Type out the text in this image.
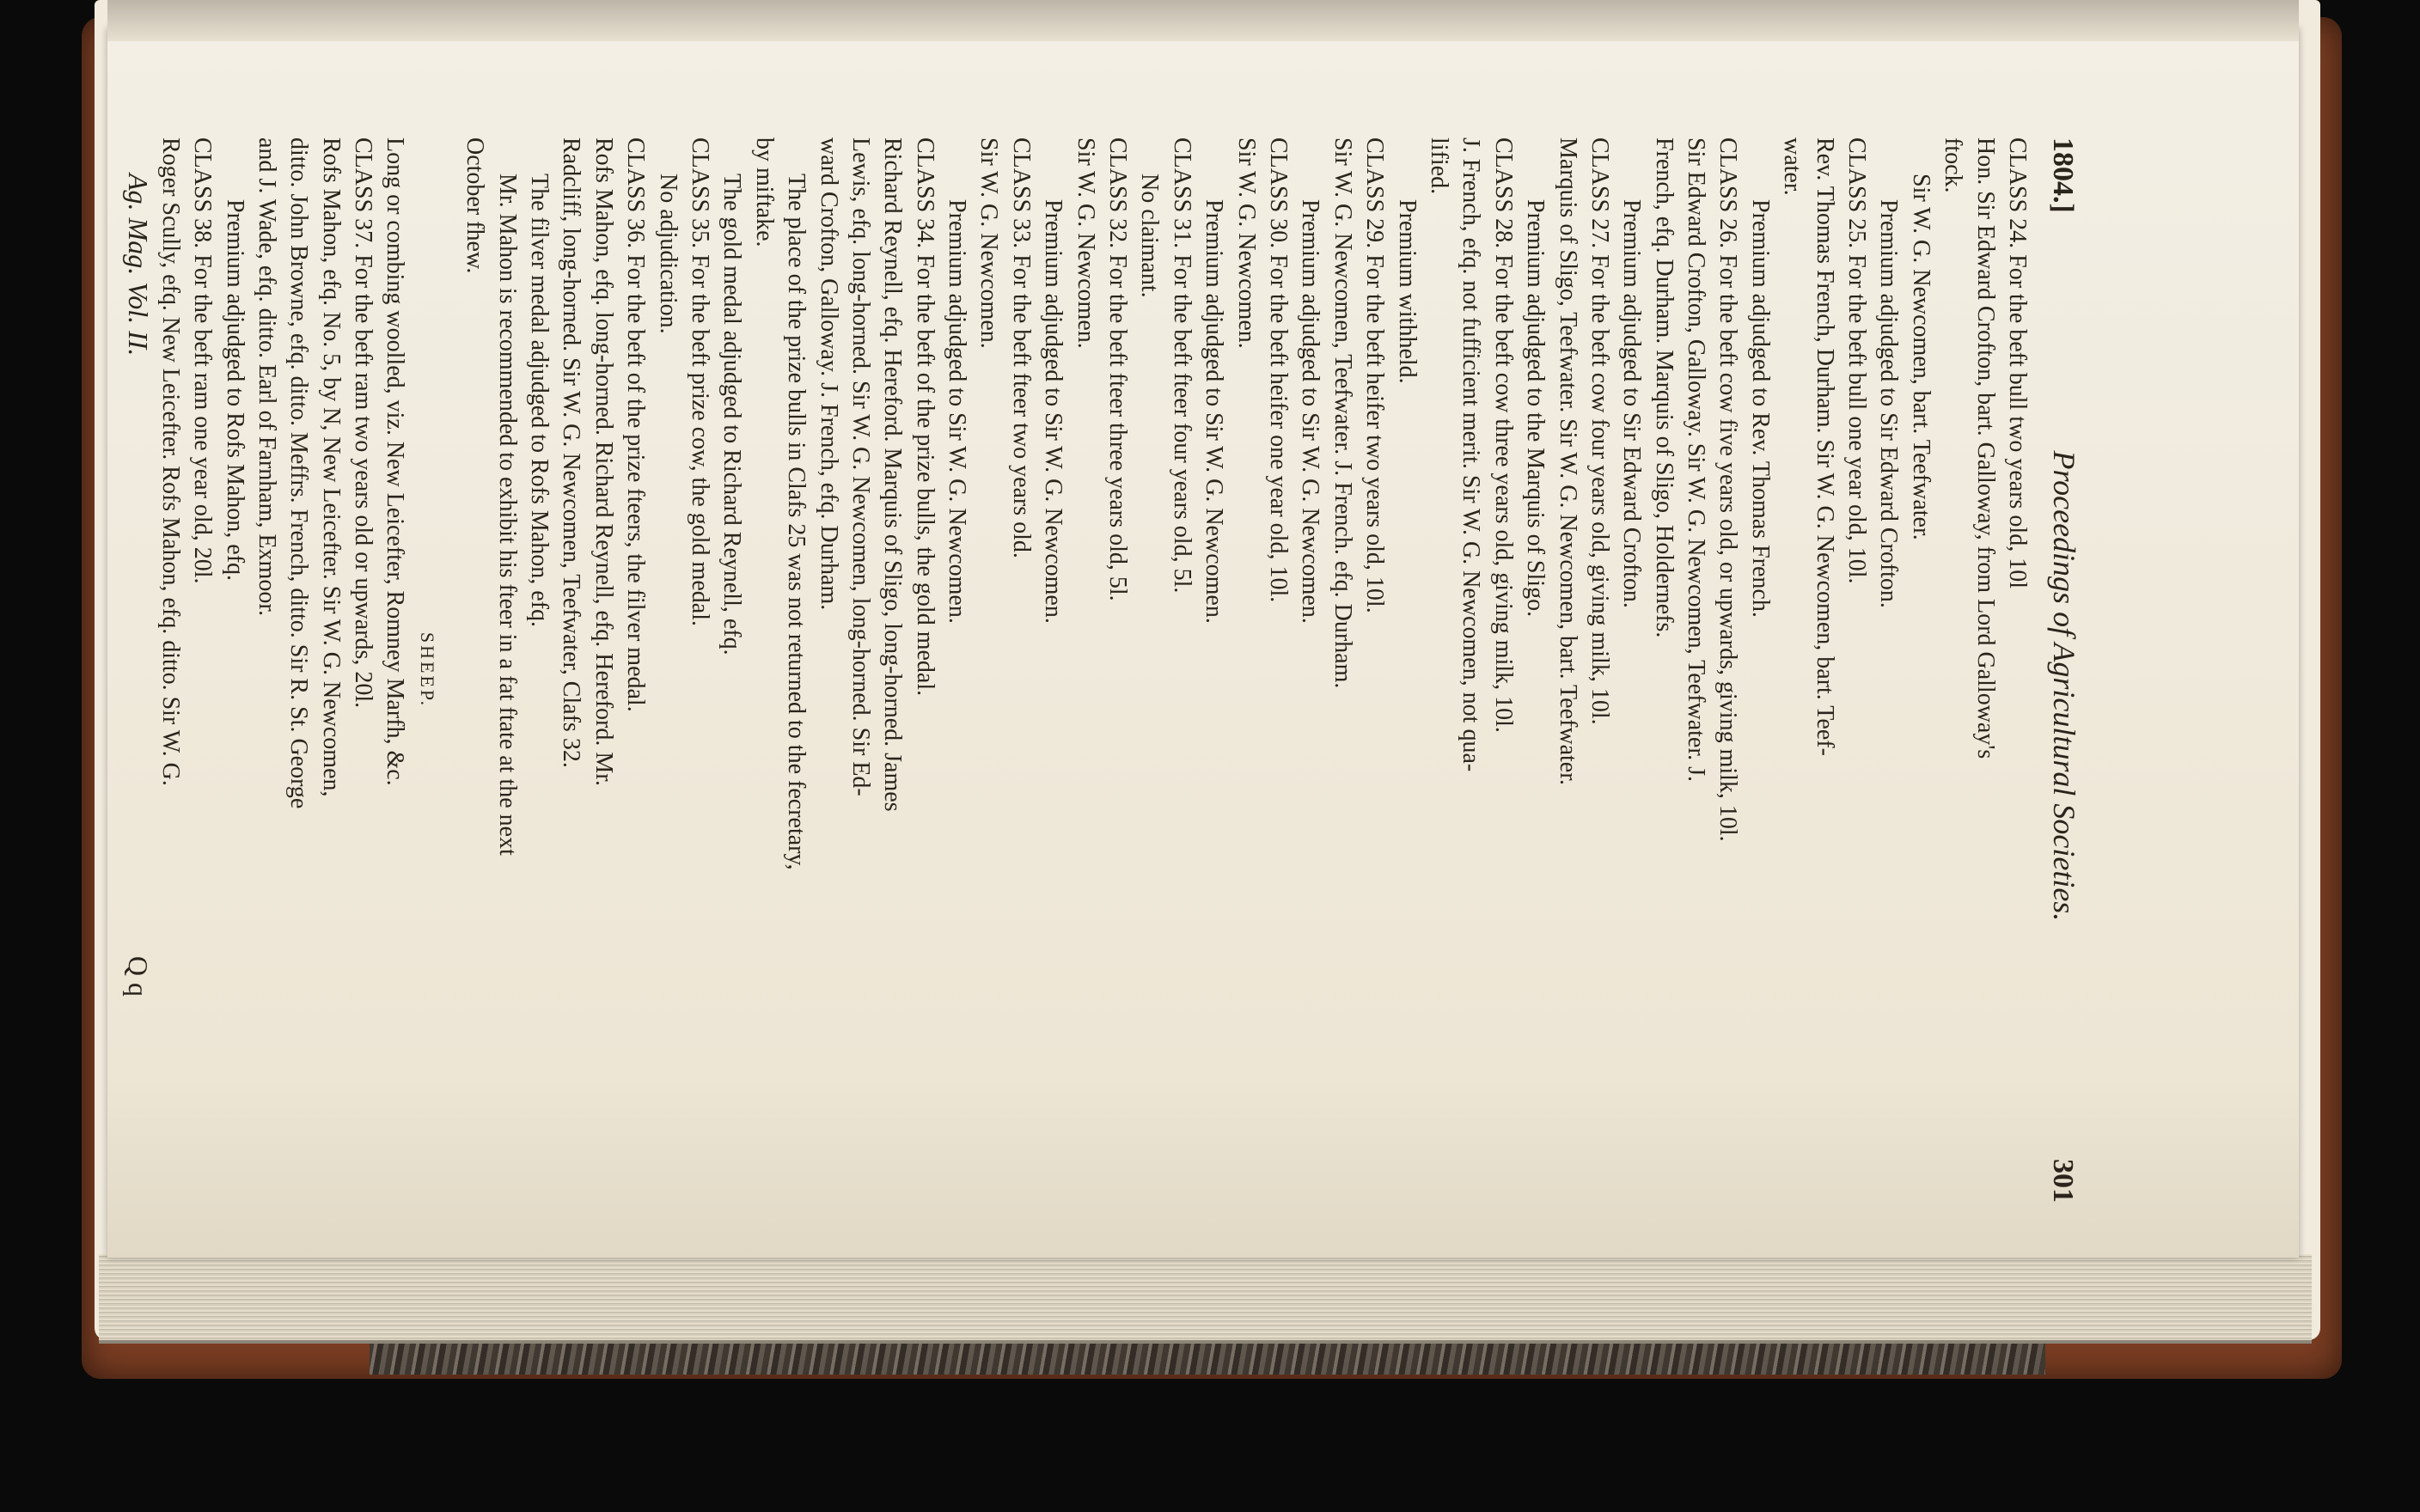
1804.]
Proceedings of Agricultural Societies.
301
CLASS 24. For the beft bull two years old, 10l
Hon. Sir Edward Crofton, bart. Galloway, from Lord Galloway's
ftock.
Sir W. G. Newcomen, bart. Teefwater.
Premium adjudged to Sir Edward Crofton.
CLASS 25. For the beft bull one year old, 10l.
Rev. Thomas French, Durham. Sir W. G. Newcomen, bart. Teef-
water.
Premium adjudged to Rev. Thomas French.
CLASS 26. For the beft cow five years old, or upwards, giving milk, 10l.
Sir Edward Crofton, Galloway. Sir W. G. Newcomen, Teefwater. J.
French, efq. Durham. Marquis of Sligo, Holdernefs.
Premium adjudged to Sir Edward Crofton.
CLASS 27. For the beft cow four years old, giving milk, 10l.
Marquis of Sligo, Teefwater. Sir W. G. Newcomen, bart. Teefwater.
Premium adjudged to the Marquis of Sligo.
CLASS 28. For the beft cow three years old, giving milk, 10l.
J. French, efq. not fufficient merit. Sir W. G. Newcomen, not qua-
lified.
Premium withheld.
CLASS 29. For the beft heifer two years old, 10l.
Sir W. G. Newcomen, Teefwater. J. French. efq. Durham.
Premium adjudged to Sir W. G. Newcomen.
CLASS 30. For the beft heifer one year old, 10l.
Sir W. G. Newcomen.
Premium adjudged to Sir W. G. Newcomen.
CLASS 31. For the beft fteer four years old, 5l.
No claimant.
CLASS 32. For the beft fteer three years old, 5l.
Sir W. G. Newcomen.
Premium adjudged to Sir W. G. Newcomen.
CLASS 33. For the beft fteer two years old.
Sir W. G. Newcomen.
Premium adjudged to Sir W. G. Newcomen.
CLASS 34. For the beft of the prize bulls, the gold medal.
Richard Reynell, efq. Hereford. Marquis of Sligo, long-horned. James
Lewis, efq. long-horned. Sir W. G. Newcomen, long-horned. Sir Ed-
ward Crofton, Galloway. J. French, efq. Durham.
The place of the prize bulls in Clafs 25 was not returned to the fecretary,
by miftake.
The gold medal adjudged to Richard Reynell, efq.
CLASS 35. For the beft prize cow, the gold medal.
No adjudication.
CLASS 36. For the beft of the prize fteers, the filver medal.
Rofs Mahon, efq. long-horned. Richard Reynell, efq. Hereford. Mr.
Radcliff, long-horned. Sir W. G. Newcomen, Teefwater, Clafs 32.
The filver medal adjudged to Rofs Mahon, efq.
Mr. Mahon is recommended to exhibit his fteer in a fat ftate at the next
October fhew.
SHEEP.
Long or combing woolled, viz. New Leicefter, Romney Marfh, &c.
CLASS 37. For the beft ram two years old or upwards, 20l.
Rofs Mahon, efq. No. 5, by N, New Leicefter. Sir W. G. Newcomen,
ditto. John Browne, efq. ditto. Meffrs. French, ditto. Sir R. St. George
and J. Wade, efq. ditto. Earl of Farnham, Exmoor.
Premium adjudged to Rofs Mahon, efq.
CLASS 38. For the beft ram one year old, 20l.
Roger Scully, efq. New Leicefter. Rofs Mahon, efq. ditto. Sir W. G.
Ag. Mag. Vol. II.
Q q
